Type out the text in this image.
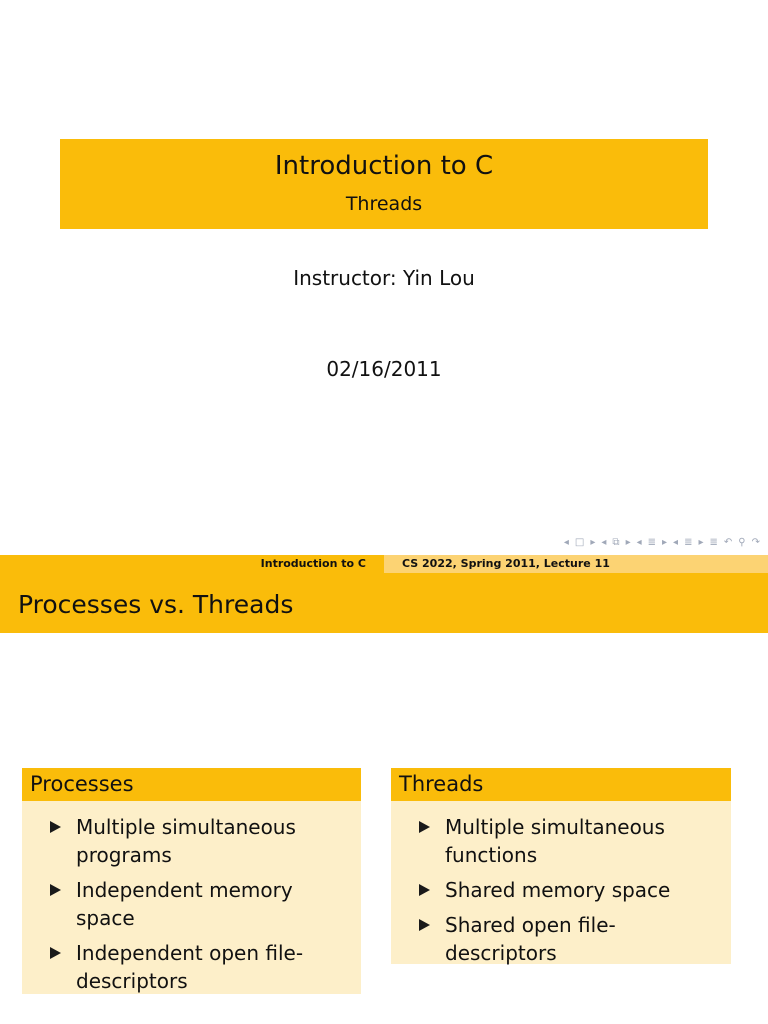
Introduction to C
Threads
Instructor: Yin Lou
02/16/2011
◂ □ ▸ ◂ ⧉ ▸ ◂ ≣ ▸ ◂ ≣ ▸ ≣ ↶ ⚲ ↷
Introduction to C	CS 2022, Spring 2011, Lecture 11
Processes vs. Threads
Processes
Multiple simultaneous programs
Independent memory space
Independent open file-descriptors
Threads
Multiple simultaneous functions
Shared memory space
Shared open file-descriptors
